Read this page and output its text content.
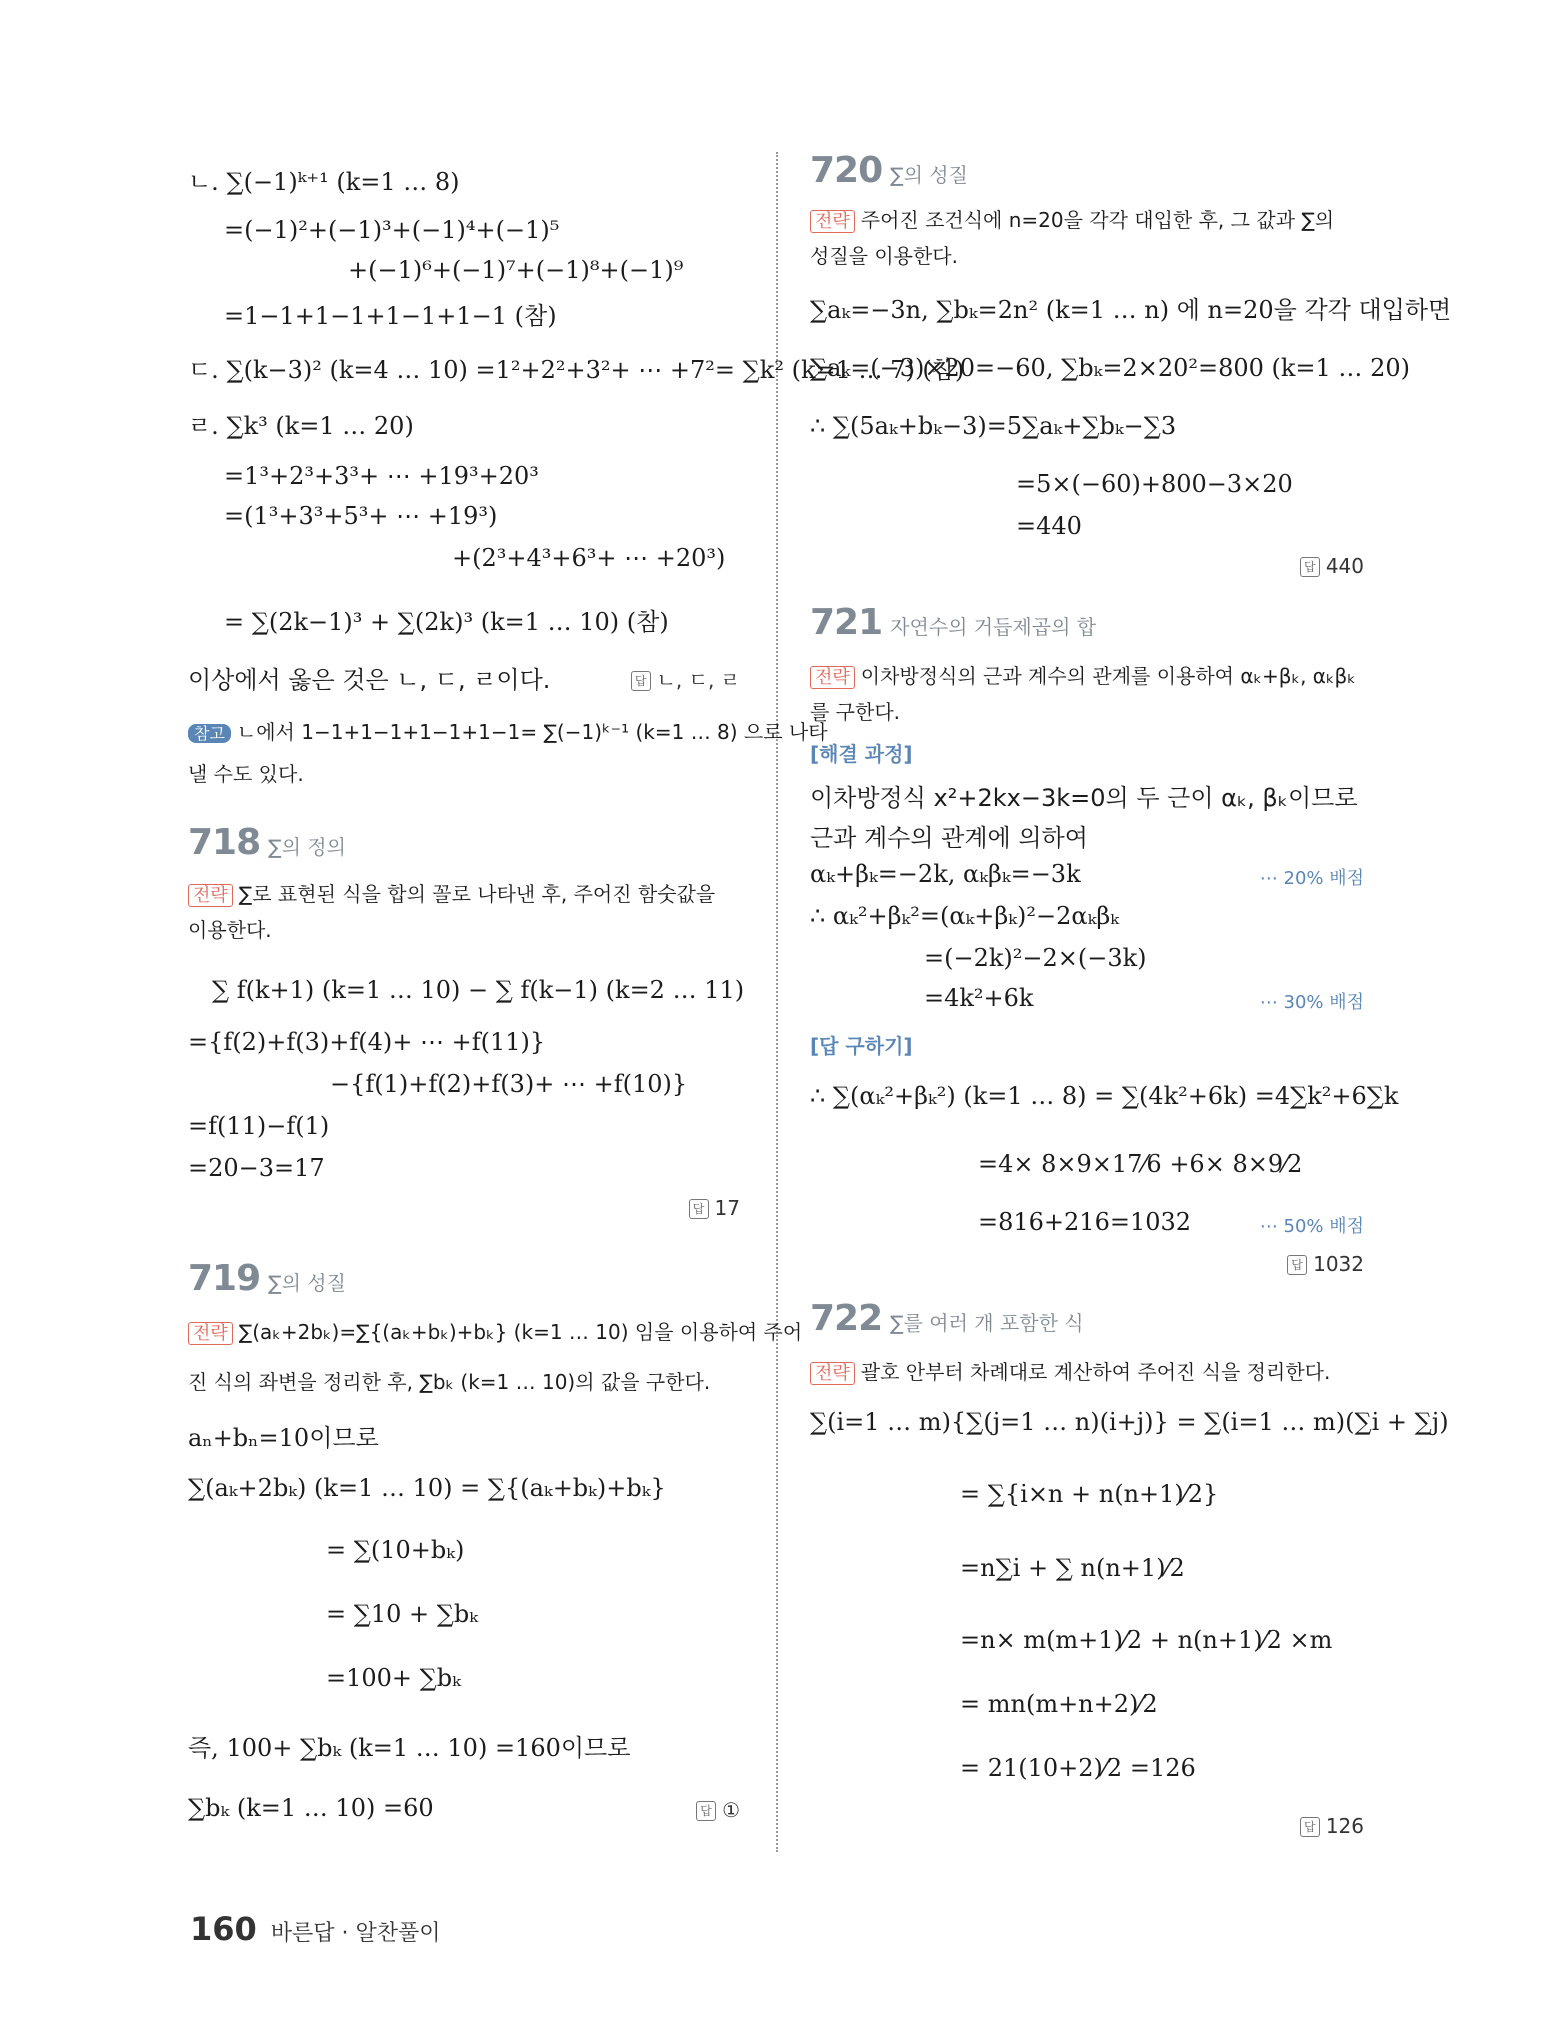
ㄴ. ∑(−1)ᵏ⁺¹ (k=1 … 8)
=(−1)²+(−1)³+(−1)⁴+(−1)⁵
+(−1)⁶+(−1)⁷+(−1)⁸+(−1)⁹
=1−1+1−1+1−1+1−1 (참)
ㄷ. ∑(k−3)² (k=4 … 10) =1²+2²+3²+ ⋯ +7²= ∑k² (k=1 … 7) (참)
ㄹ. ∑k³ (k=1 … 20)
=1³+2³+3³+ ⋯ +19³+20³
=(1³+3³+5³+ ⋯ +19³)
+(2³+4³+6³+ ⋯ +20³)
= ∑(2k−1)³ + ∑(2k)³ (k=1 … 10) (참)
이상에서 옳은 것은 ㄴ, ㄷ, ㄹ이다.	답 ㄴ, ㄷ, ㄹ
참고 ㄴ에서 1−1+1−1+1−1+1−1= ∑(−1)ᵏ⁻¹ (k=1 … 8) 으로 나타
낼 수도 있다.
718 ∑의 정의
전략 ∑로 표현된 식을 합의 꼴로 나타낸 후, 주어진 함숫값을
이용한다.
∑ f(k+1) (k=1 … 10) − ∑ f(k−1) (k=2 … 11)
={f(2)+f(3)+f(4)+ ⋯ +f(11)}
−{f(1)+f(2)+f(3)+ ⋯ +f(10)}
=f(11)−f(1)
=20−3=17
답 17
719 ∑의 성질
전략 ∑(aₖ+2bₖ)=∑{(aₖ+bₖ)+bₖ} (k=1 … 10) 임을 이용하여 주어
진 식의 좌변을 정리한 후, ∑bₖ (k=1 … 10)의 값을 구한다.
aₙ+bₙ=10이므로
∑(aₖ+2bₖ) (k=1 … 10) = ∑{(aₖ+bₖ)+bₖ}
= ∑(10+bₖ)
= ∑10 + ∑bₖ
=100+ ∑bₖ
즉, 100+ ∑bₖ (k=1 … 10) =160이므로
∑bₖ (k=1 … 10) =60	답 ①
720 ∑의 성질
전략 주어진 조건식에 n=20을 각각 대입한 후, 그 값과 ∑의
성질을 이용한다.
∑aₖ=−3n, ∑bₖ=2n² (k=1 … n) 에 n=20을 각각 대입하면
∑aₖ=(−3)×20=−60, ∑bₖ=2×20²=800 (k=1 … 20)
∴ ∑(5aₖ+bₖ−3)=5∑aₖ+∑bₖ−∑3
=5×(−60)+800−3×20
=440
답 440
721 자연수의 거듭제곱의 합
전략 이차방정식의 근과 계수의 관계를 이용하여 αₖ+βₖ, αₖβₖ
를 구한다.
[해결 과정]
이차방정식 x²+2kx−3k=0의 두 근이 αₖ, βₖ이므로
근과 계수의 관계에 의하여
αₖ+βₖ=−2k, αₖβₖ=−3k	⋯ 20% 배점
∴ αₖ²+βₖ²=(αₖ+βₖ)²−2αₖβₖ
=(−2k)²−2×(−3k)
=4k²+6k	⋯ 30% 배점
[답 구하기]
∴ ∑(αₖ²+βₖ²) (k=1 … 8) = ∑(4k²+6k) =4∑k²+6∑k
=4× 8×9×17⁄6 +6× 8×9⁄2
=816+216=1032	⋯ 50% 배점
답 1032
722 ∑를 여러 개 포함한 식
전략 괄호 안부터 차례대로 계산하여 주어진 식을 정리한다.
∑(i=1 … m){∑(j=1 … n)(i+j)} = ∑(i=1 … m)(∑i + ∑j)
= ∑{i×n + n(n+1)⁄2}
=n∑i + ∑ n(n+1)⁄2
=n× m(m+1)⁄2 + n(n+1)⁄2 ×m
= mn(m+n+2)⁄2
= 21(10+2)⁄2 =126
답 126
160 바른답 · 알찬풀이
